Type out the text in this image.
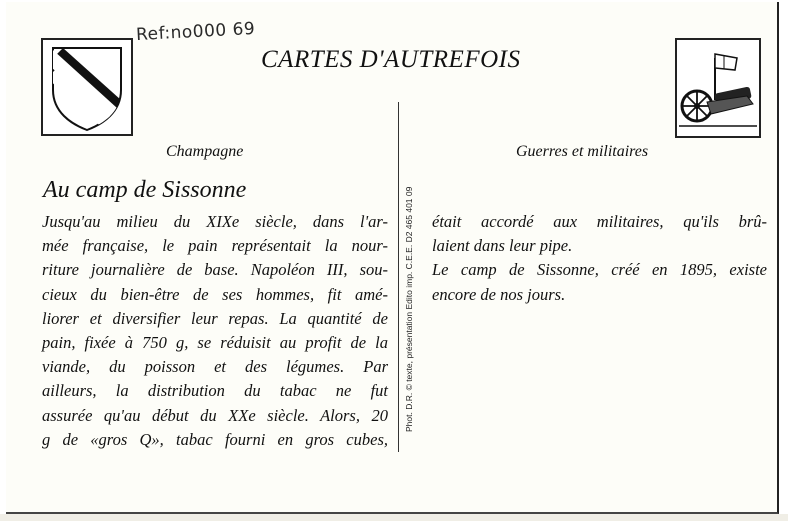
Ref:no000 69
CARTES D'AUTREFOIS
Phot. D.R. © texte, présentation Edito imp. C.E.E. D2 465 401 09
Champagne	Guerres et militaires
Au camp de Sissonne
Jusqu'au milieu du XIXe siècle, dans l'ar-
mée française, le pain représentait la nour-
riture journalière de base. Napoléon III, sou-
cieux du bien-être de ses hommes, fit amé-
liorer et diversifier leur repas. La quantité de
pain, fixée à 750 g, se réduisit au profit de la
viande, du poisson et des légumes. Par
ailleurs, la distribution du tabac ne fut
assurée qu'au début du XXe siècle. Alors, 20
g de «gros Q», tabac fourni en gros cubes,
était accordé aux militaires, qu'ils brû-
laient dans leur pipe.
Le camp de Sissonne, créé en 1895, existe
encore de nos jours.
